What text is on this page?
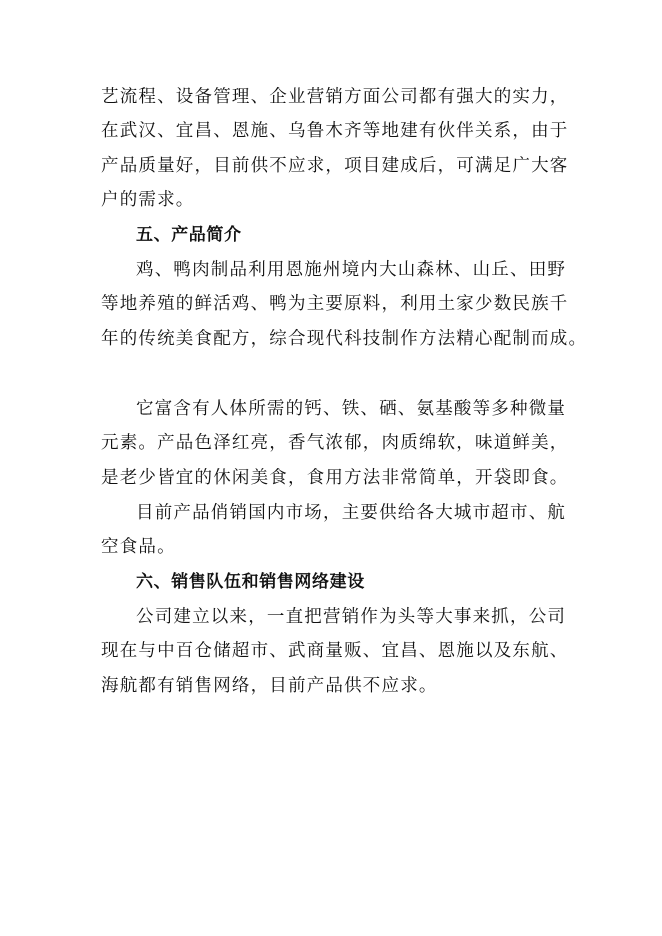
艺流程、设备管理、企业营销方面公司都有强大的实力，
在武汉、宜昌、恩施、乌鲁木齐等地建有伙伴关系，由于
产品质量好，目前供不应求，项目建成后，可满足广大客
户的需求。
五、产品简介
鸡、鸭肉制品利用恩施州境内大山森林、山丘、田野
等地养殖的鲜活鸡、鸭为主要原料，利用土家少数民族千
年的传统美食配方，综合现代科技制作方法精心配制而成。
它富含有人体所需的钙、铁、硒、氨基酸等多种微量
元素。产品色泽红亮，香气浓郁，肉质绵软，味道鲜美，
是老少皆宜的休闲美食，食用方法非常简单，开袋即食。
目前产品俏销国内市场，主要供给各大城市超市、航
空食品。
六、销售队伍和销售网络建设
公司建立以来，一直把营销作为头等大事来抓，公司
现在与中百仓储超市、武商量贩、宜昌、恩施以及东航、
海航都有销售网络，目前产品供不应求。
